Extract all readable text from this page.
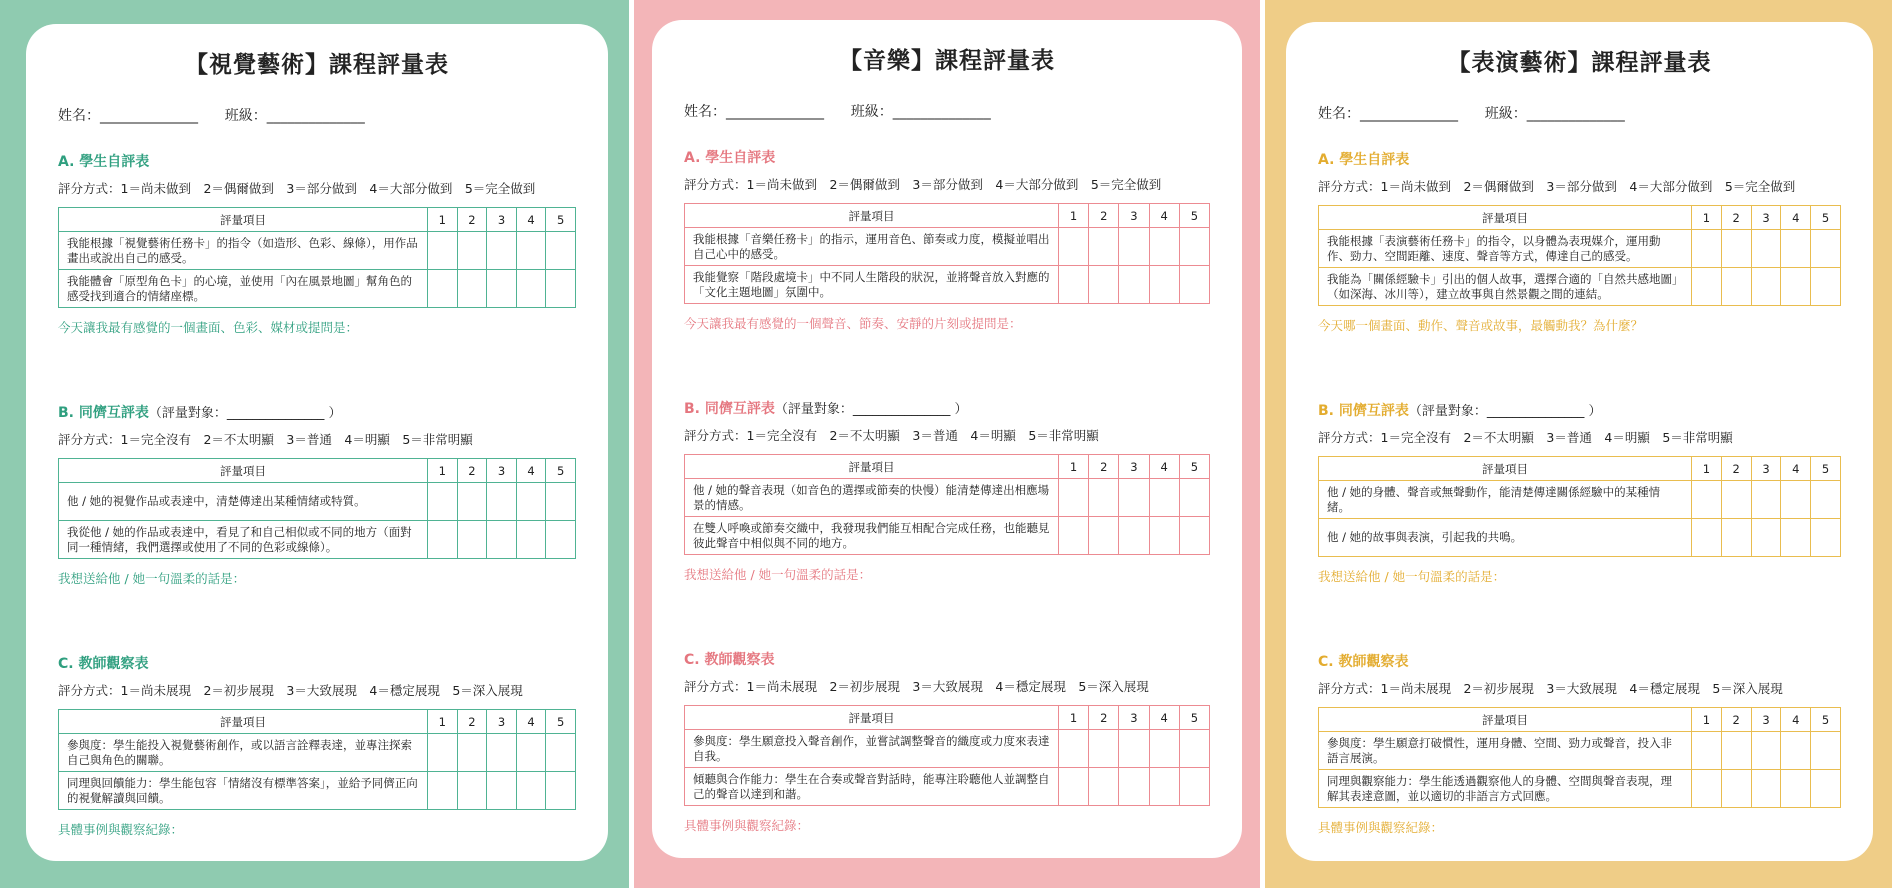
【視覺藝術】課程評量表
姓名：______________      班級：______________
A. 學生自評表
評分方式：1＝尚未做到　2＝偶爾做到　3＝部分做到　4＝大部分做到　5＝完全做到
評量項目	1	2	3	4	5
我能根據「視覺藝術任務卡」的指令（如造形、色彩、線條），用作品畫出或說出自己的感受。					
我能體會「原型角色卡」的心境，並使用「內在風景地圖」幫角色的感受找到適合的情緒座標。					
今天讓我最有感覺的一個畫面、色彩、媒材或提問是：
B. 同儕互評表（評量對象：_______________ ）
評分方式：1＝完全沒有　2＝不太明顯　3＝普通　4＝明顯　5＝非常明顯
評量項目	1	2	3	4	5
他 / 她的視覺作品或表達中，清楚傳達出某種情緒或特質。					
我從他 / 她的作品或表達中，看見了和自己相似或不同的地方（面對同一種情緒，我們選擇或使用了不同的色彩或線條）。					
我想送給他 / 她一句溫柔的話是：
C. 教師觀察表
評分方式：1＝尚未展現　2＝初步展現　3＝大致展現　4＝穩定展現　5＝深入展現
評量項目	1	2	3	4	5
參與度：學生能投入視覺藝術創作，或以語言詮釋表達，並專注探索自己與角色的關聯。					
同理與回饋能力：學生能包容「情緒沒有標準答案」，並給予同儕正向的視覺解讀與回饋。					
具體事例與觀察紀錄：
【音樂】課程評量表
姓名：______________      班級：______________
A. 學生自評表
評分方式：1＝尚未做到　2＝偶爾做到　3＝部分做到　4＝大部分做到　5＝完全做到
評量項目	1	2	3	4	5
我能根據「音樂任務卡」的指示，運用音色、節奏或力度，模擬並唱出自己心中的感受。					
我能覺察「階段處境卡」中不同人生階段的狀況，並將聲音放入對應的「文化主題地圖」氛圍中。					
今天讓我最有感覺的一個聲音、節奏、安靜的片刻或提問是：
B. 同儕互評表（評量對象：_______________ ）
評分方式：1＝完全沒有　2＝不太明顯　3＝普通　4＝明顯　5＝非常明顯
評量項目	1	2	3	4	5
他 / 她的聲音表現（如音色的選擇或節奏的快慢）能清楚傳達出相應場景的情感。					
在雙人呼喚或節奏交織中，我發現我們能互相配合完成任務，也能聽見彼此聲音中相似與不同的地方。					
我想送給他 / 她一句溫柔的話是：
C. 教師觀察表
評分方式：1＝尚未展現　2＝初步展現　3＝大致展現　4＝穩定展現　5＝深入展現
評量項目	1	2	3	4	5
參與度：學生願意投入聲音創作，並嘗試調整聲音的織度或力度來表達自我。					
傾聽與合作能力：學生在合奏或聲音對話時，能專注聆聽他人並調整自己的聲音以達到和諧。					
具體事例與觀察紀錄：
【表演藝術】課程評量表
姓名：______________      班級：______________
A. 學生自評表
評分方式：1＝尚未做到　2＝偶爾做到　3＝部分做到　4＝大部分做到　5＝完全做到
評量項目	1	2	3	4	5
我能根據「表演藝術任務卡」的指令，以身體為表現媒介，運用動作、勁力、空間距離、速度、聲音等方式，傳達自己的感受。					
我能為「關係經驗卡」引出的個人故事，選擇合適的「自然共感地圖」（如深海、冰川等），建立故事與自然景觀之間的連結。					
今天哪一個畫面、動作、聲音或故事，最觸動我？為什麼？
B. 同儕互評表（評量對象：_______________ ）
評分方式：1＝完全沒有　2＝不太明顯　3＝普通　4＝明顯　5＝非常明顯
評量項目	1	2	3	4	5
他 / 她的身體、聲音或無聲動作，能清楚傳達關係經驗中的某種情緒。					
他 / 她的故事與表演，引起我的共鳴。					
我想送給他 / 她一句溫柔的話是：
C. 教師觀察表
評分方式：1＝尚未展現　2＝初步展現　3＝大致展現　4＝穩定展現　5＝深入展現
評量項目	1	2	3	4	5
參與度：學生願意打破慣性，運用身體、空間、勁力或聲音，投入非語言展演。					
同理與觀察能力：學生能透過觀察他人的身體、空間與聲音表現，理解其表達意圖，並以適切的非語言方式回應。					
具體事例與觀察紀錄：
